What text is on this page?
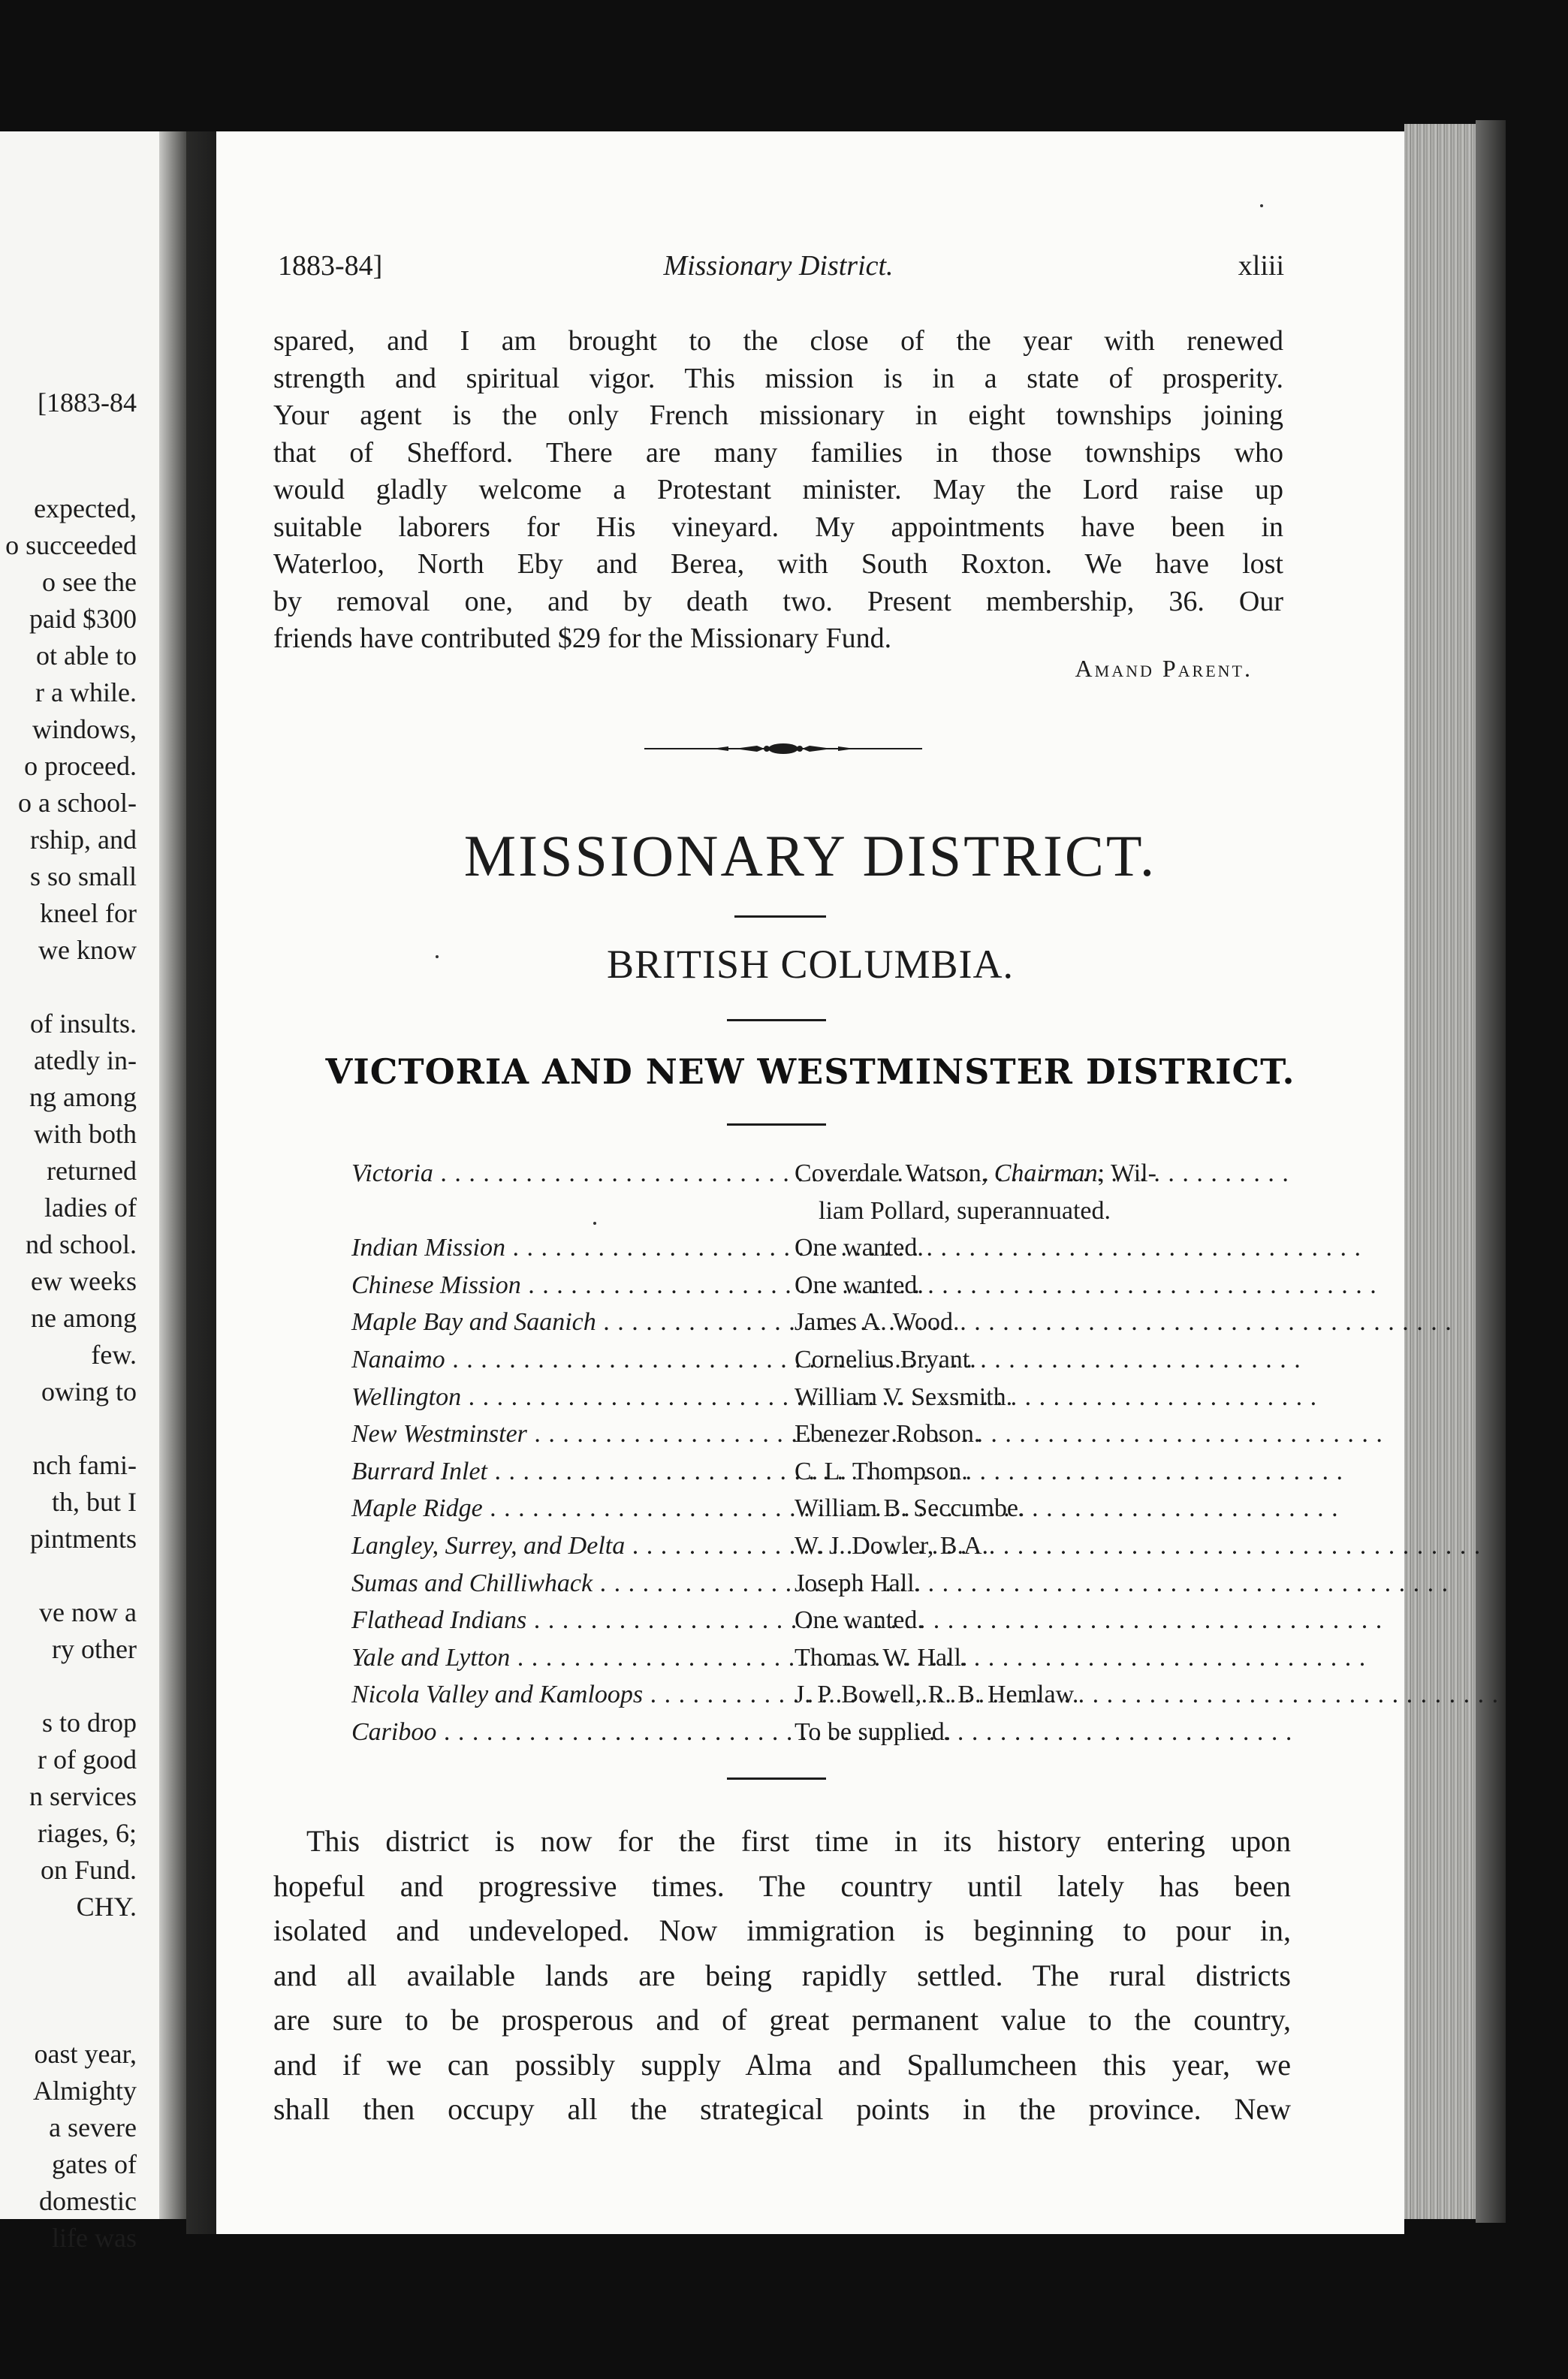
[1883-84
expected,
o succeeded
o see the
paid $300
ot able to
r a while.
windows,
o proceed.
o a school-
rship, and
s so small
kneel for
we know
of insults.
atedly in-
ng among
with both
returned
ladies of
nd school.
ew weeks
ne among
few.
owing to
nch fami-
th, but I
pintments
ve now a
ry other
s to drop
r of good
n services
riages, 6;
on Fund.
CHY.
oast year,
Almighty
a severe
gates of
domestic
life was
1883-84]	Missionary District.	xliii
spared, and I am brought to the close of the year with renewed
strength and spiritual vigor. This mission is in a state of prosperity.
Your agent is the only French missionary in eight townships joining
that of Shefford. There are many families in those townships who
would gladly welcome a Protestant minister. May the Lord raise up
suitable laborers for His vineyard. My appointments have been in
Waterloo, North Eby and Berea, with South Roxton. We have lost
by removal one, and by death two. Present membership, 36. Our
friends have contributed $29 for the Missionary Fund.
Amand Parent.
MISSIONARY DISTRICT.
BRITISH COLUMBIA.
VICTORIA AND NEW WESTMINSTER DISTRICT.
Victoria . . .	Coverdale Watson, Chairman; Wil-
liam Pollard, superannuated.
Indian Mission . . .	One wanted.
Chinese Mission . . .	One wanted.
Maple Bay and Saanich . . .	James A. Wood.
Nanaimo . . .	Cornelius Bryant.
Wellington . . .	William V. Sexsmith.
New Westminster . . .	Ebenezer Robson.
Burrard Inlet . . .	C. L. Thompson.
Maple Ridge . . .	William B. Seccumbe.
Langley, Surrey, and Delta . . .	W. J. Dowler, B.A.
Sumas and Chilliwhack . . .	Joseph Hall.
Flathead Indians . . .	One wanted.
Yale and Lytton . . .	Thomas W. Hall.
Nicola Valley and Kamloops . . .	J. P. Bowell, R. B. Hemlaw.
Cariboo . . .	To be supplied.
This district is now for the first time in its history entering upon
hopeful and progressive times. The country until lately has been
isolated and undeveloped. Now immigration is beginning to pour in,
and all available lands are being rapidly settled. The rural districts
are sure to be prosperous and of great permanent value to the country,
and if we can possibly supply Alma and Spallumcheen this year, we
shall then occupy all the strategical points in the province. New
